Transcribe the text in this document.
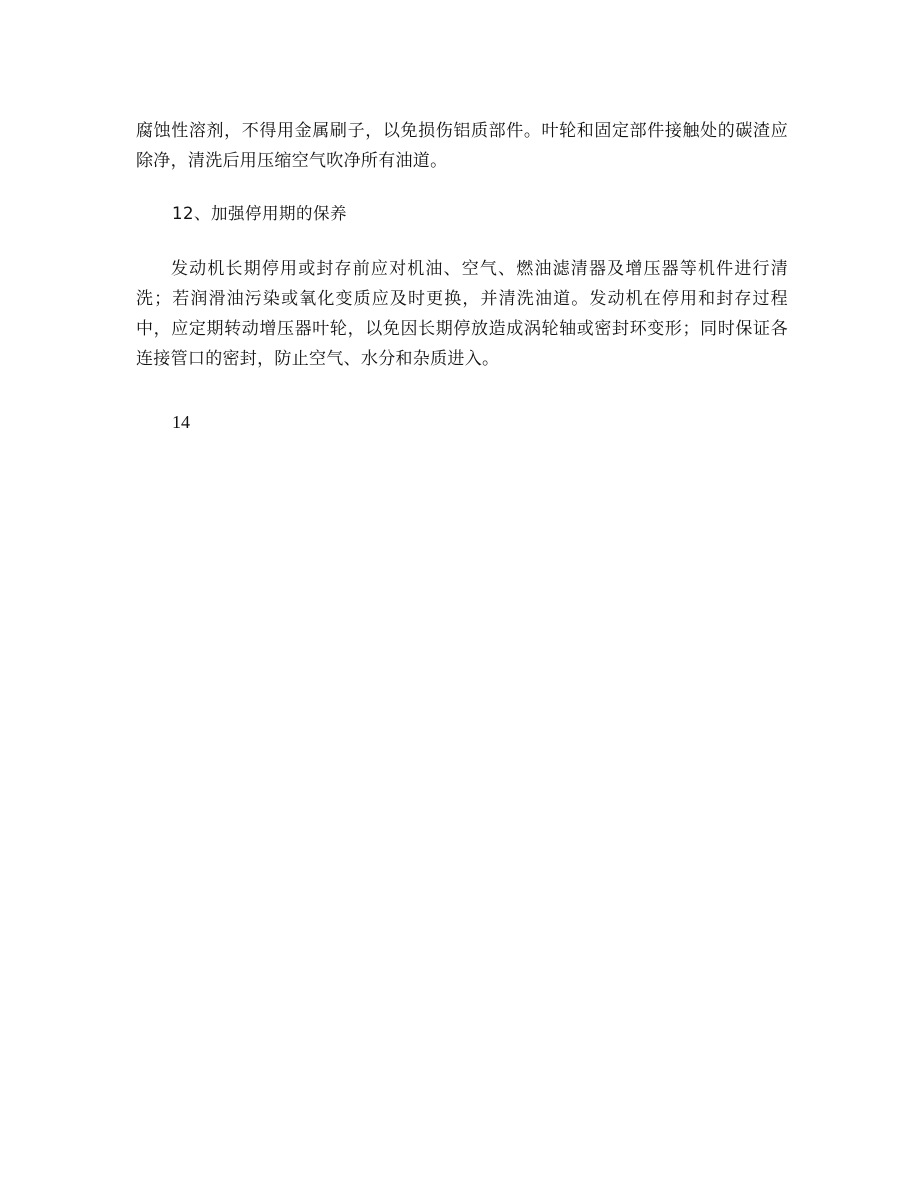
腐蚀性溶剂，不得用金属刷子，以免损伤铝质部件。叶轮和固定部件接触处的碳渣应除净，清洗后用压缩空气吹净所有油道。

12、加强停用期的保养

发动机长期停用或封存前应对机油、空气、燃油滤清器及增压器等机件进行清洗；若润滑油污染或氧化变质应及时更换，并清洗油道。发动机在停用和封存过程中，应定期转动增压器叶轮，以免因长期停放造成涡轮轴或密封环变形；同时保证各连接管口的密封，防止空气、水分和杂质进入。

14
